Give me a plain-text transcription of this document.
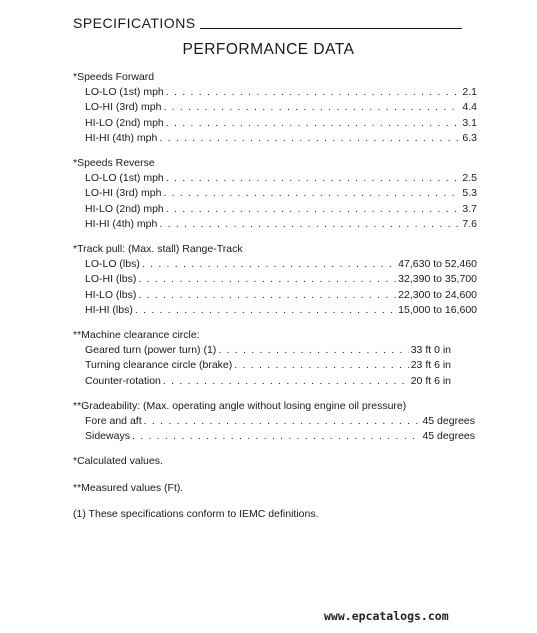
SPECIFICATIONS
PERFORMANCE DATA
*Speeds Forward
LO-LO (1st) mph . . .	2.1
LO-HI (3rd) mph . . .	4.4
HI-LO (2nd) mph . . .	3.1
HI-HI (4th) mph . . .	6.3
*Speeds Reverse
LO-LO (1st) mph . . .	2.5
LO-HI (3rd) mph . . .	5.3
HI-LO (2nd) mph . . .	3.7
HI-HI (4th) mph . . .	7.6
*Track pull: (Max. stall) Range-Track
LO-LO (lbs) . . .	47,630 to 52,460
LO-HI (lbs) . . .	32,390 to 35,700
HI-LO (lbs) . . .	22,300 to 24,600
HI-HI (lbs) . . .	15,000 to 16,600
**Machine clearance circle:
Geared turn (power turn) (1) . . .	33 ft 0 in
Turning clearance circle (brake) . . .	23 ft 6 in
Counter-rotation . . .	20 ft 6 in
**Gradeability: (Max. operating angle without losing engine oil pressure)
Fore and aft . . .	45 degrees
Sideways . . .	45 degrees
*Calculated values.
**Measured values (Ft).
(1) These specifications conform to IEMC definitions.
www.epcatalogs.com
